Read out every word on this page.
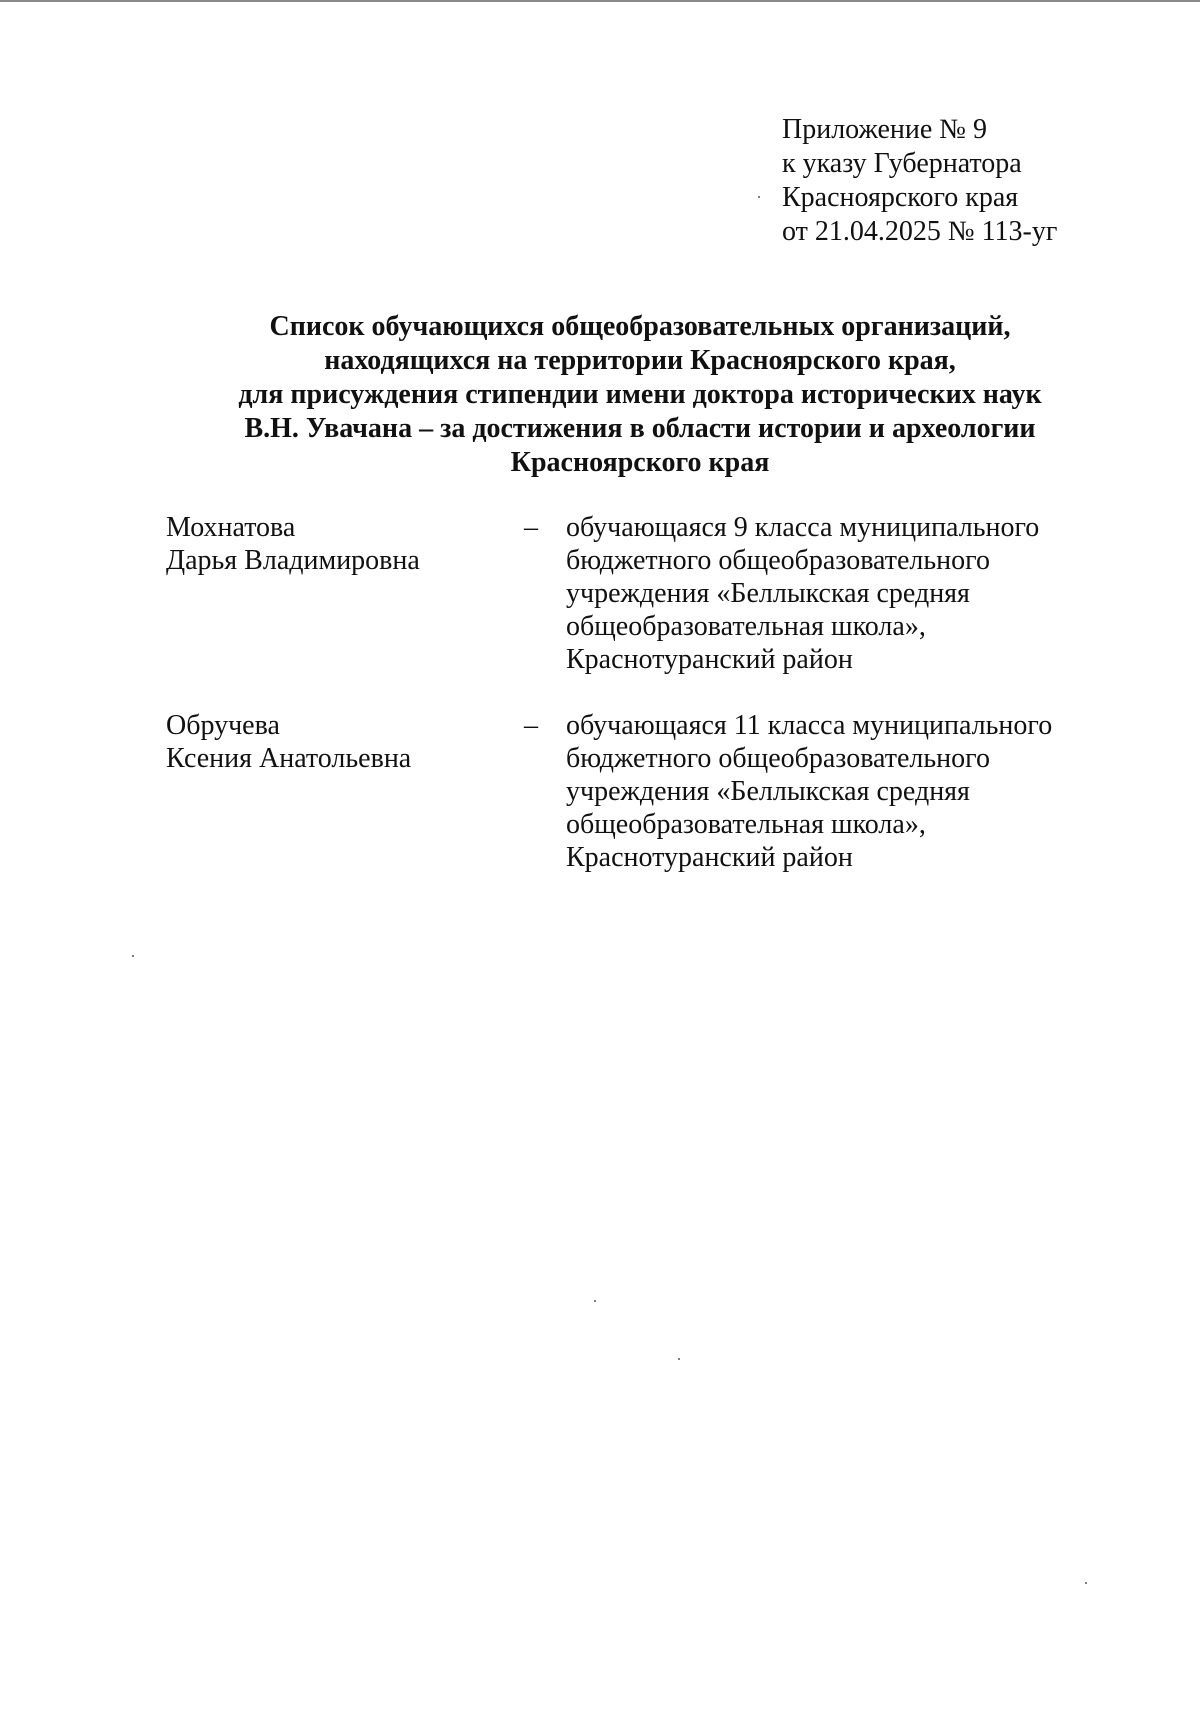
Приложение № 9
к указу Губернатора
Красноярского края
от 21.04.2025 № 113-уг
Список обучающихся общеобразовательных организаций,
находящихся на территории Красноярского края,
для присуждения стипендии имени доктора исторических наук
В.Н. Увачана – за достижения в области истории и археологии
Красноярского края
Мохнатова
Дарья Владимировна
– обучающаяся 9 класса муниципального
бюджетного общеобразовательного
учреждения «Беллыкская средняя
общеобразовательная школа»,
Краснотуранский район
Обручева
Ксения Анатольевна
– обучающаяся 11 класса муниципального
бюджетного общеобразовательного
учреждения «Беллыкская средняя
общеобразовательная школа»,
Краснотуранский район
